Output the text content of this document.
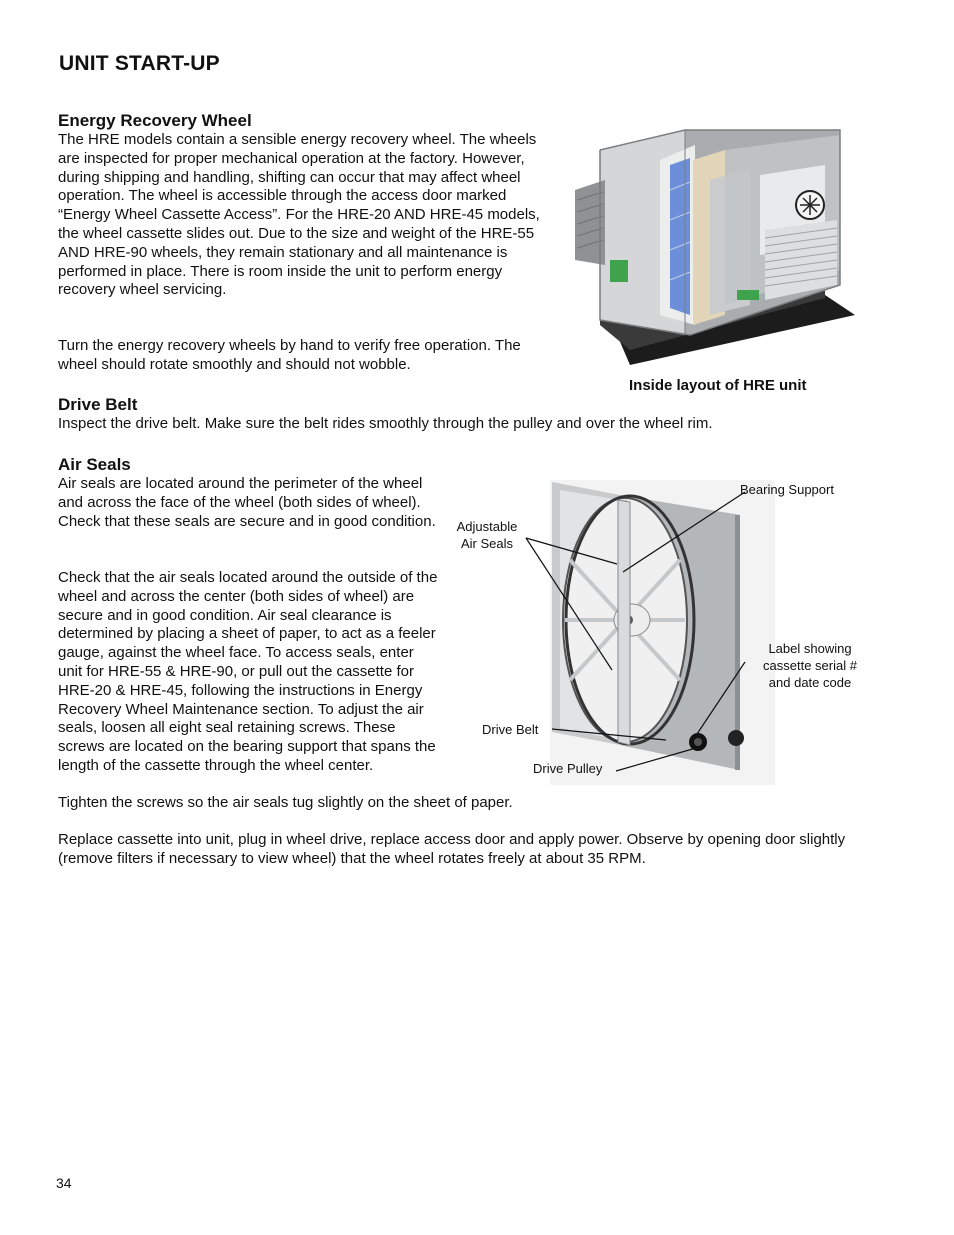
UNIT START-UP
Energy Recovery Wheel
The HRE models contain a sensible energy recovery wheel. The wheels are inspected for proper mechanical operation at the factory. However, during shipping and handling, shifting can occur that may affect wheel operation. The wheel is accessible through the access door marked “Energy Wheel Cassette Access”. For the HRE-20 AND HRE-45 models, the wheel cassette slides out. Due to the size and weight of the HRE-55 AND HRE-90 wheels, they remain stationary and all maintenance is performed in place. There is room inside the unit to perform energy recovery wheel servicing.
Turn the energy recovery wheels by hand to verify free operation. The wheel should rotate smoothly and should not wobble.
Inside layout of HRE unit
Drive Belt
Inspect the drive belt. Make sure the belt rides smoothly through the pulley and over the wheel rim.
Air Seals
Air seals are located around the perimeter of the wheel and across the face of the wheel (both sides of wheel). Check that these seals are secure and in good condition.
Check that the air seals located around the outside of the wheel and across the center (both sides of wheel) are secure and in good condition. Air seal clearance is determined by placing a sheet of paper, to act as a feeler gauge, against the wheel face. To access seals, enter unit for HRE-55 & HRE-90, or pull out the cassette for HRE-20 & HRE-45, following the instructions in Energy Recovery Wheel Maintenance section. To adjust the air seals, loosen all eight seal retaining screws. These screws are located on the bearing support that spans the length of the cassette through the wheel center.
Tighten the screws so the air seals tug slightly on the sheet of paper.
Replace cassette into unit, plug in wheel drive, replace access door and apply power. Observe by opening door slightly (remove filters if necessary to view wheel) that the wheel rotates freely at about 35 RPM.
Bearing Support
Adjustable
Air Seals
Label showing
cassette serial #
and date code
Drive Belt
Drive Pulley
34
